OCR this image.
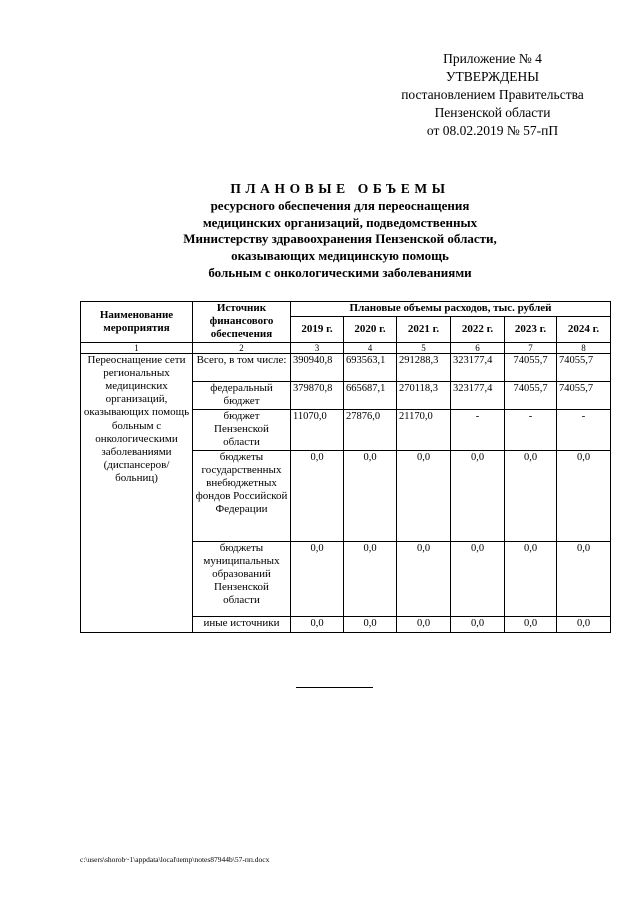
Приложение № 4
УТВЕРЖДЕНЫ
постановлением Правительства
Пензенской области
от 08.02.2019 № 57-пП
ПЛАНОВЫЕ ОБЪЕМЫ
ресурсного обеспечения для переоснащения
медицинских организаций, подведомственных
Министерству здравоохранения Пензенской области,
оказывающих медицинскую помощь
больным с онкологическими заболеваниями
Наименование мероприятия	Источник финансового обеспечения	Плановые объемы расходов, тыс. рублей					
		2019 г.	2020 г.	2021 г.	2022 г.	2023 г.	2024 г.
1	2	3	4	5	6	7	8
Переоснащение сети региональных медицинских организаций, оказывающих помощь больным с онкологическими заболеваниями (диспансеров/ больниц)	Всего, в том числе:	390940,8	693563,1	291288,3	323177,4	74055,7	74055,7
	федеральный бюджет	379870,8	665687,1	270118,3	323177,4	74055,7	74055,7
	бюджет Пензенской области	11070,0	27876,0	21170,0	-	-	-
	бюджеты государственных внебюджетных фондов Российской Федерации	0,0	0,0	0,0	0,0	0,0	0,0
	бюджеты муниципальных образований Пензенской области	0,0	0,0	0,0	0,0	0,0	0,0
	иные источники	0,0	0,0	0,0	0,0	0,0	0,0
c:\users\shorob~1\appdata\local\temp\notes87944b\57-пп.docx
